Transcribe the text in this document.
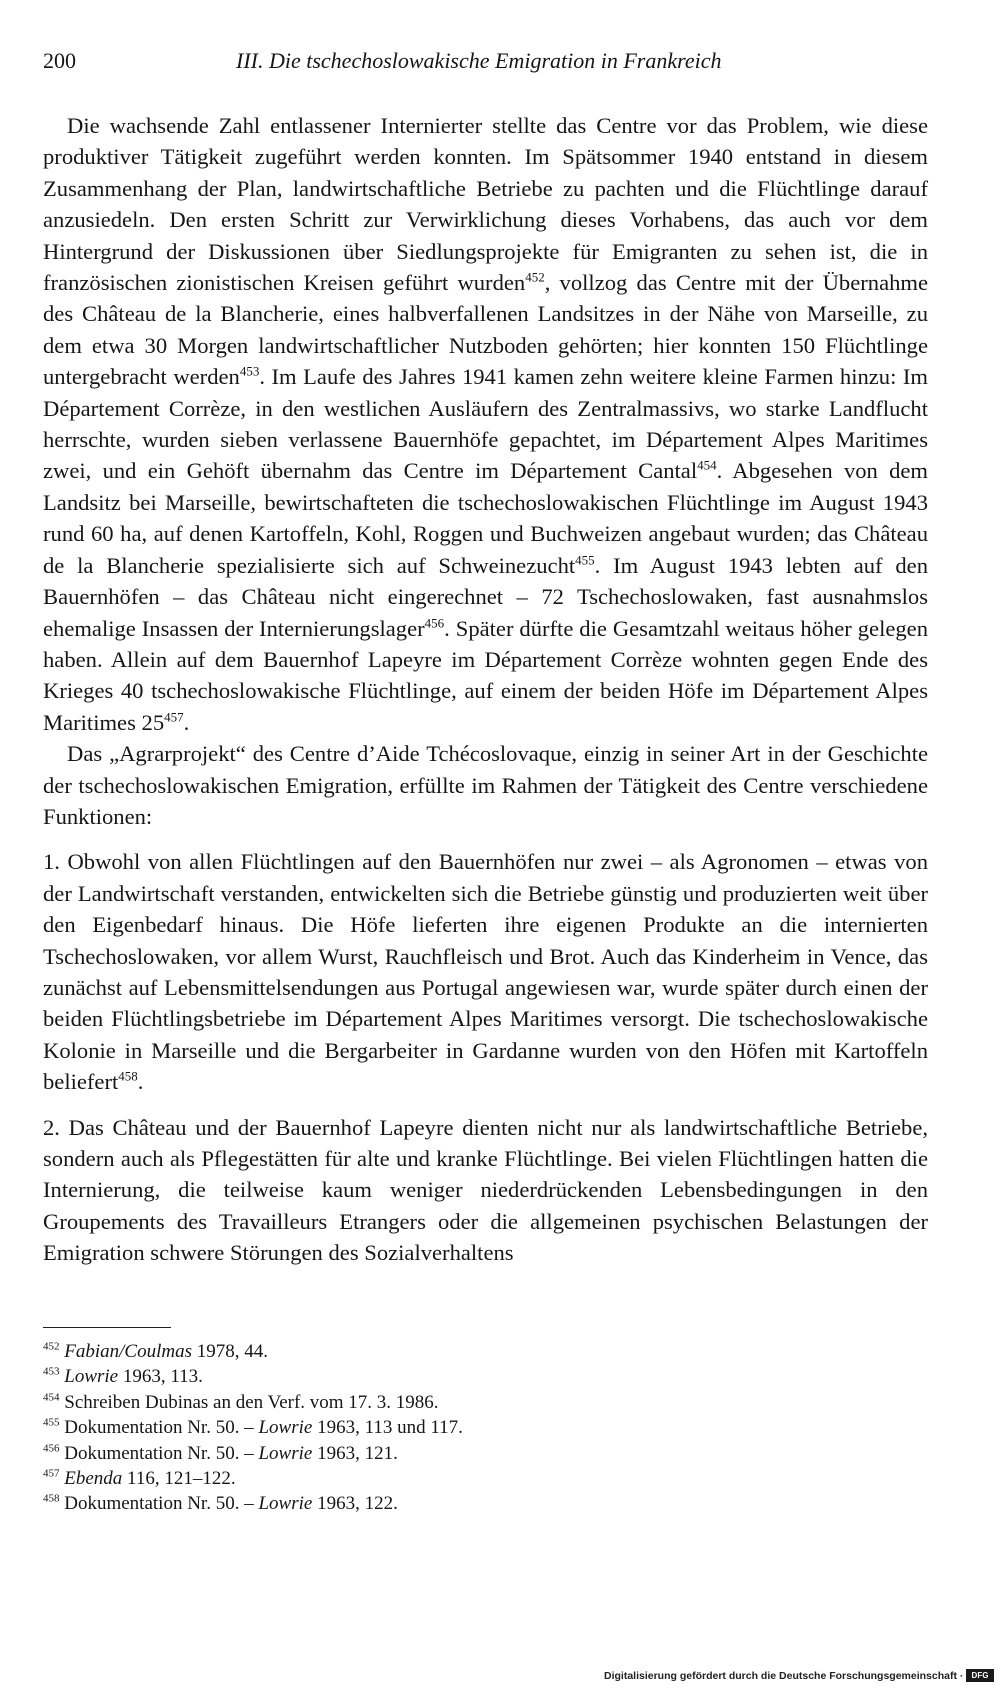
200	III. Die tschechoslowakische Emigration in Frankreich

Die wachsende Zahl entlassener Internierter stellte das Centre vor das Problem, wie diese produktiver Tätigkeit zugeführt werden konnten. Im Spätsommer 1940 entstand in diesem Zusammenhang der Plan, landwirtschaftliche Betriebe zu pachten und die Flüchtlinge darauf anzusiedeln. Den ersten Schritt zur Verwirklichung dieses Vorhabens, das auch vor dem Hintergrund der Diskussionen über Siedlungsprojekte für Emigranten zu sehen ist, die in französischen zionistischen Kreisen geführt wurden$^{452}$, vollzog das Centre mit der Übernahme des Château de la Blancherie, eines halbverfallenen Landsitzes in der Nähe von Marseille, zu dem etwa 30 Morgen landwirtschaftlicher Nutzboden gehörten; hier konnten 150 Flüchtlinge untergebracht werden$^{453}$. Im Laufe des Jahres 1941 kamen zehn weitere kleine Farmen hinzu: Im Département Corrèze, in den westlichen Ausläufern des Zentralmassivs, wo starke Landflucht herrschte, wurden sieben verlassene Bauernhöfe gepachtet, im Département Alpes Maritimes zwei, und ein Gehöft übernahm das Centre im Département Cantal$^{454}$. Abgesehen von dem Landsitz bei Marseille, bewirtschafteten die tschechoslowakischen Flüchtlinge im August 1943 rund 60 ha, auf denen Kartoffeln, Kohl, Roggen und Buchweizen angebaut wurden; das Château de la Blancherie spezialisierte sich auf Schweinezucht$^{455}$. Im August 1943 lebten auf den Bauernhöfen – das Château nicht eingerechnet – 72 Tschechoslowaken, fast ausnahmslos ehemalige Insassen der Internierungslager$^{456}$. Später dürfte die Gesamtzahl weitaus höher gelegen haben. Allein auf dem Bauernhof Lapeyre im Département Corrèze wohnten gegen Ende des Krieges 40 tschechoslowakische Flüchtlinge, auf einem der beiden Höfe im Département Alpes Maritimes $25^{457}$.

Das „Agrarprojekt“ des Centre d’Aide Tchécoslovaque, einzig in seiner Art in der Geschichte der tschechoslowakischen Emigration, erfüllte im Rahmen der Tätigkeit des Centre verschiedene Funktionen:

1. Obwohl von allen Flüchtlingen auf den Bauernhöfen nur zwei – als Agronomen – etwas von der Landwirtschaft verstanden, entwickelten sich die Betriebe günstig und produzierten weit über den Eigenbedarf hinaus. Die Höfe lieferten ihre eigenen Produkte an die internierten Tschechoslowaken, vor allem Wurst, Rauchfleisch und Brot. Auch das Kinderheim in Vence, das zunächst auf Lebensmittelsendungen aus Portugal angewiesen war, wurde später durch einen der beiden Flüchtlingsbetriebe im Département Alpes Maritimes versorgt. Die tschechoslowakische Kolonie in Marseille und die Bergarbeiter in Gardanne wurden von den Höfen mit Kartoffeln beliefert$^{458}$.

2. Das Château und der Bauernhof Lapeyre dienten nicht nur als landwirtschaftliche Betriebe, sondern auch als Pflegestätten für alte und kranke Flüchtlinge. Bei vielen Flüchtlingen hatten die Internierung, die teilweise kaum weniger niederdrückenden Lebensbedingungen in den Groupements des Travailleurs Etrangers oder die allgemeinen psychischen Belastungen der Emigration schwere Störungen des Sozialverhaltens

$^{452}$ Fabian/Coulmas 1978, 44.

$^{453}$ Lowrie 1963, 113.

$^{454}$ Schreiben Dubinas an den Verf. vom 17. 3. 1986.

$^{455}$ Dokumentation Nr. 50. – Lowrie 1963, 113 und 117.

$^{456}$ Dokumentation Nr. 50. – Lowrie 1963, 121.

$^{457}$ Ebenda 116, 121–122.

$^{458}$ Dokumentation Nr. 50. – Lowrie 1963, 122.

Digitalisierung gefördert durch die Deutsche Forschungsgemeinschaft ·	DFG
